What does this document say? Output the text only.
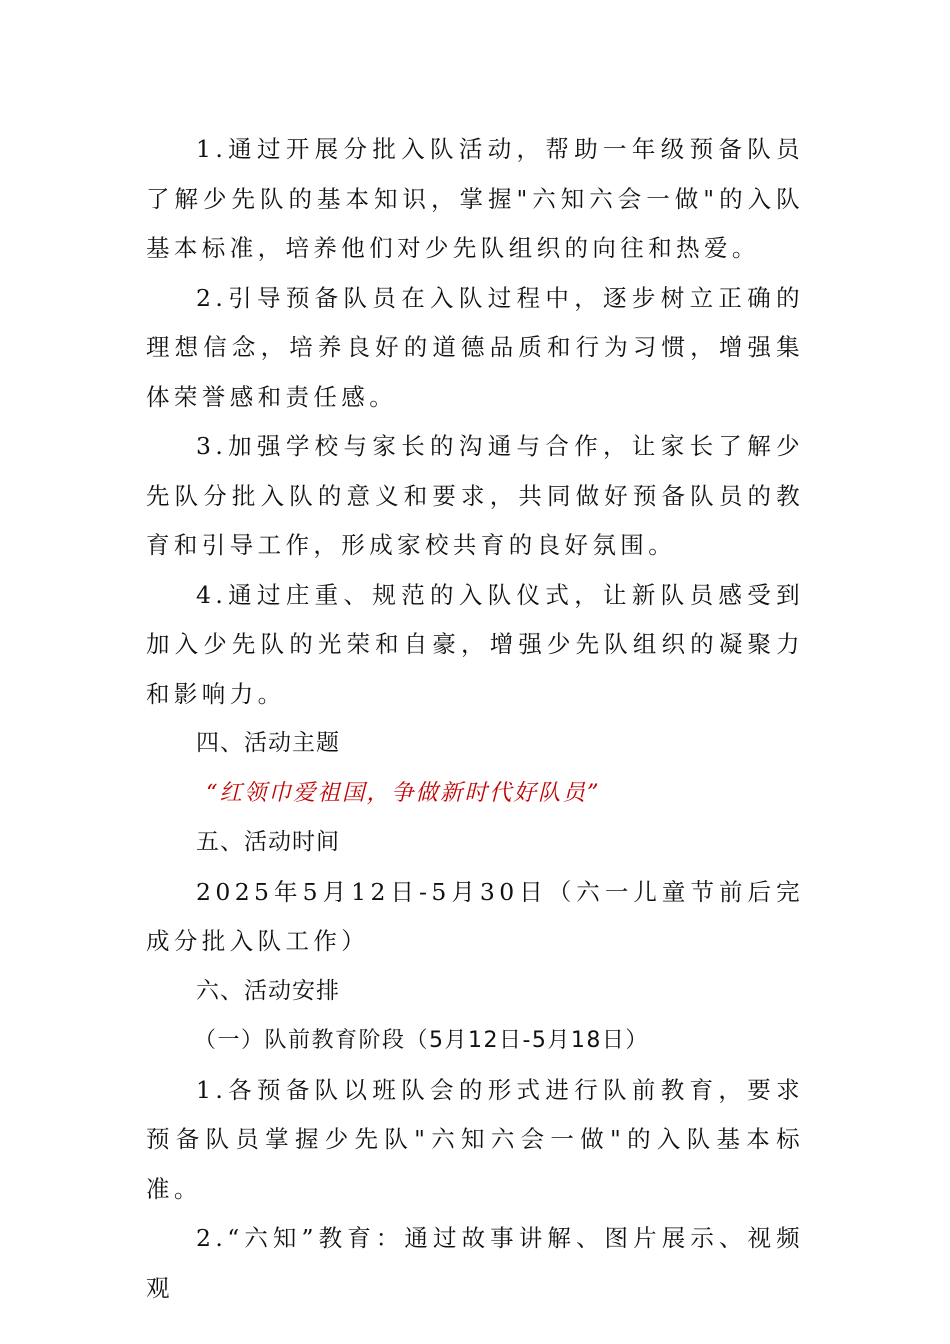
1.通过开展分批入队活动，帮助一年级预备队员了解少先队的基本知识，掌握"六知六会一做"的入队基本标准，培养他们对少先队组织的向往和热爱。

2.引导预备队员在入队过程中，逐步树立正确的理想信念，培养良好的道德品质和行为习惯，增强集体荣誉感和责任感。

3.加强学校与家长的沟通与合作，让家长了解少先队分批入队的意义和要求，共同做好预备队员的教育和引导工作，形成家校共育的良好氛围。

4.通过庄重、规范的入队仪式，让新队员感受到加入少先队的光荣和自豪，增强少先队组织的凝聚力和影响力。

四、活动主题

“红领巾爱祖国，争做新时代好队员”

五、活动时间

2025年5月12日-5月30日（六一儿童节前后完成分批入队工作）

六、活动安排

（一）队前教育阶段（5月12日-5月18日）

1.各预备队以班队会的形式进行队前教育，要求预备队员掌握少先队"六知六会一做"的入队基本标准。

2.“六知”教育：通过故事讲解、图片展示、视频观
